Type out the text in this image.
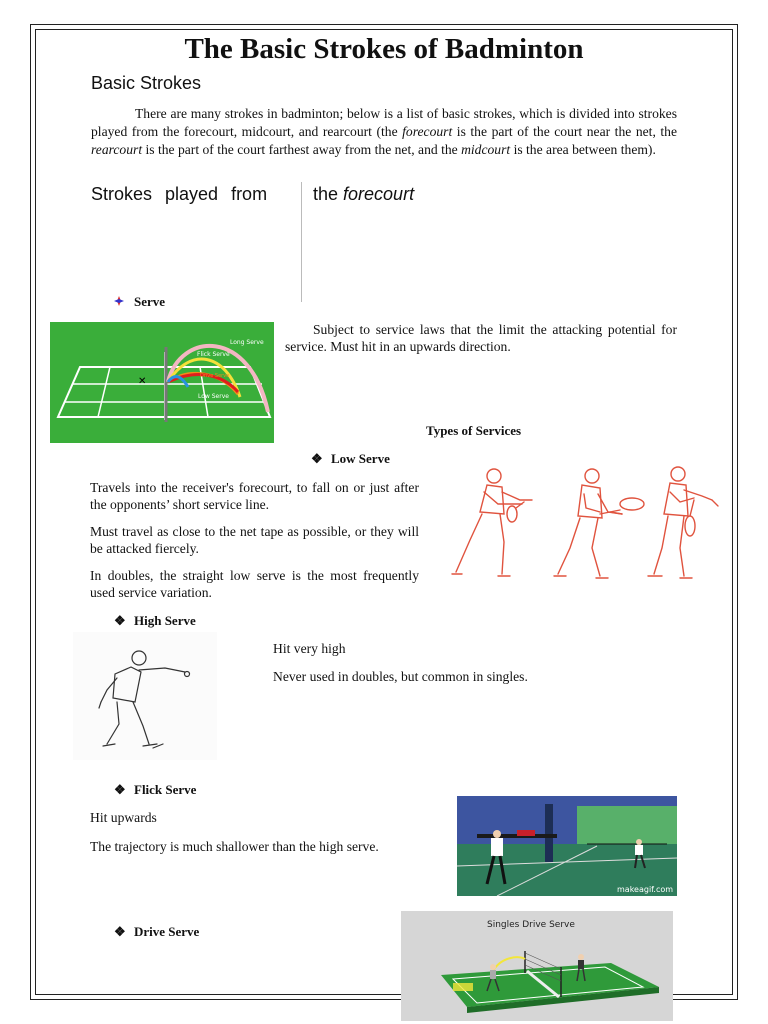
The Basic Strokes of Badminton
Basic Strokes
There are many strokes in badminton; below is a list of basic strokes, which is divided into strokes played from the forecourt, midcourt, and rearcourt (the forecourt is the part of the court near the net, the rearcourt is the part of the court farthest away from the net, and the midcourt is the area between them).
Strokes played from	the forecourt
Serve
✕
Long Serve
Flick Serve
Drive Serve
Low Serve
Subject to service laws that the limit the attacking potential for service. Must hit in an upwards direction.
Types of Services
❖ Low Serve
Travels into the receiver's forecourt, to fall on or just after the opponents’ short service line.
Must travel as close to the net tape as possible, or they will be attacked fiercely.
In doubles, the straight low serve is the most frequently used service variation.
❖ High Serve
Hit very high
Never used in doubles, but common in singles.
❖ Flick Serve
Hit upwards
The trajectory is much shallower than the high serve.
makeagif.com
❖ Drive Serve	Singles Drive Serve
